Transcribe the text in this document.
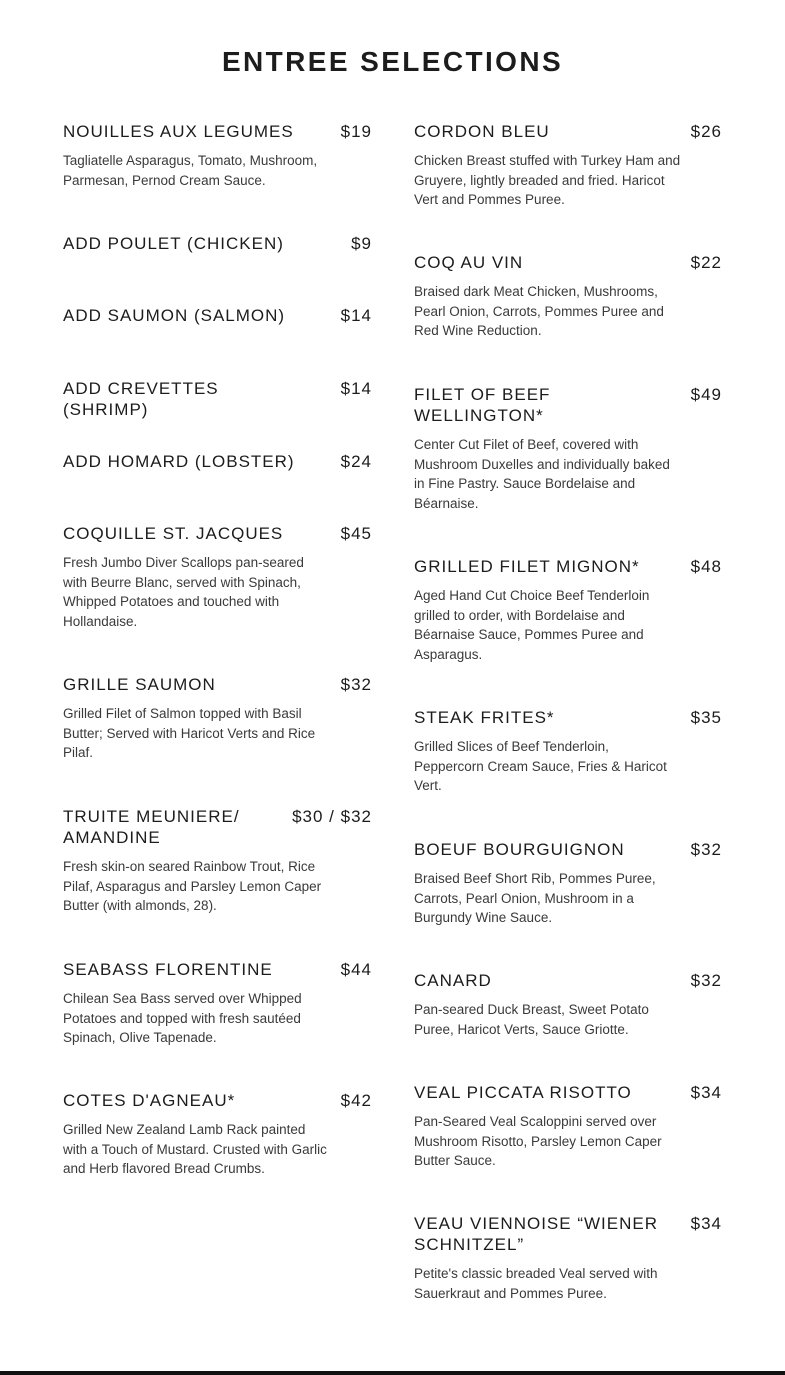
ENTREE SELECTIONS
NOUILLES AUX LEGUMES	$19
Tagliatelle Asparagus, Tomato, Mushroom, Parmesan, Pernod Cream Sauce.
ADD POULET (CHICKEN)	$9
ADD SAUMON (SALMON)	$14
ADD CREVETTES (SHRIMP)
$14
ADD HOMARD (LOBSTER)	$24
COQUILLE ST. JACQUES	$45
Fresh Jumbo Diver Scallops pan-seared with Beurre Blanc, served with Spinach, Whipped Potatoes and touched with Hollandaise.
GRILLE SAUMON	$32
Grilled Filet of Salmon topped with Basil Butter; Served with Haricot Verts and Rice Pilaf.
TRUITE MEUNIERE/ AMANDINE
$30 / $32
Fresh skin-on seared Rainbow Trout, Rice Pilaf, Asparagus and Parsley Lemon Caper Butter (with almonds, 28).
SEABASS FLORENTINE	$44
Chilean Sea Bass served over Whipped Potatoes and topped with fresh sautéed Spinach, Olive Tapenade.
COTES D'AGNEAU*	$42
Grilled New Zealand Lamb Rack painted with a Touch of Mustard. Crusted with Garlic and Herb flavored Bread Crumbs.
CORDON BLEU	$26
Chicken Breast stuffed with Turkey Ham and Gruyere, lightly breaded and fried. Haricot Vert and Pommes Puree.
COQ AU VIN	$22
Braised dark Meat Chicken, Mushrooms, Pearl Onion, Carrots, Pommes Puree and Red Wine Reduction.
FILET OF BEEF WELLINGTON*
$49
Center Cut Filet of Beef, covered with Mushroom Duxelles and individually baked in Fine Pastry. Sauce Bordelaise and Béarnaise.
GRILLED FILET MIGNON*	$48
Aged Hand Cut Choice Beef Tenderloin grilled to order, with Bordelaise and Béarnaise Sauce, Pommes Puree and Asparagus.
STEAK FRITES*	$35
Grilled Slices of Beef Tenderloin, Peppercorn Cream Sauce, Fries & Haricot Vert.
BOEUF BOURGUIGNON	$32
Braised Beef Short Rib, Pommes Puree, Carrots, Pearl Onion, Mushroom in a Burgundy Wine Sauce.
CANARD	$32
Pan-seared Duck Breast, Sweet Potato Puree, Haricot Verts, Sauce Griotte.
VEAL PICCATA RISOTTO	$34
Pan-Seared Veal Scaloppini served over Mushroom Risotto, Parsley Lemon Caper Butter Sauce.
VEAU VIENNOISE “WIENER SCHNITZEL”
$34
Petite's classic breaded Veal served with Sauerkraut and Pommes Puree.
